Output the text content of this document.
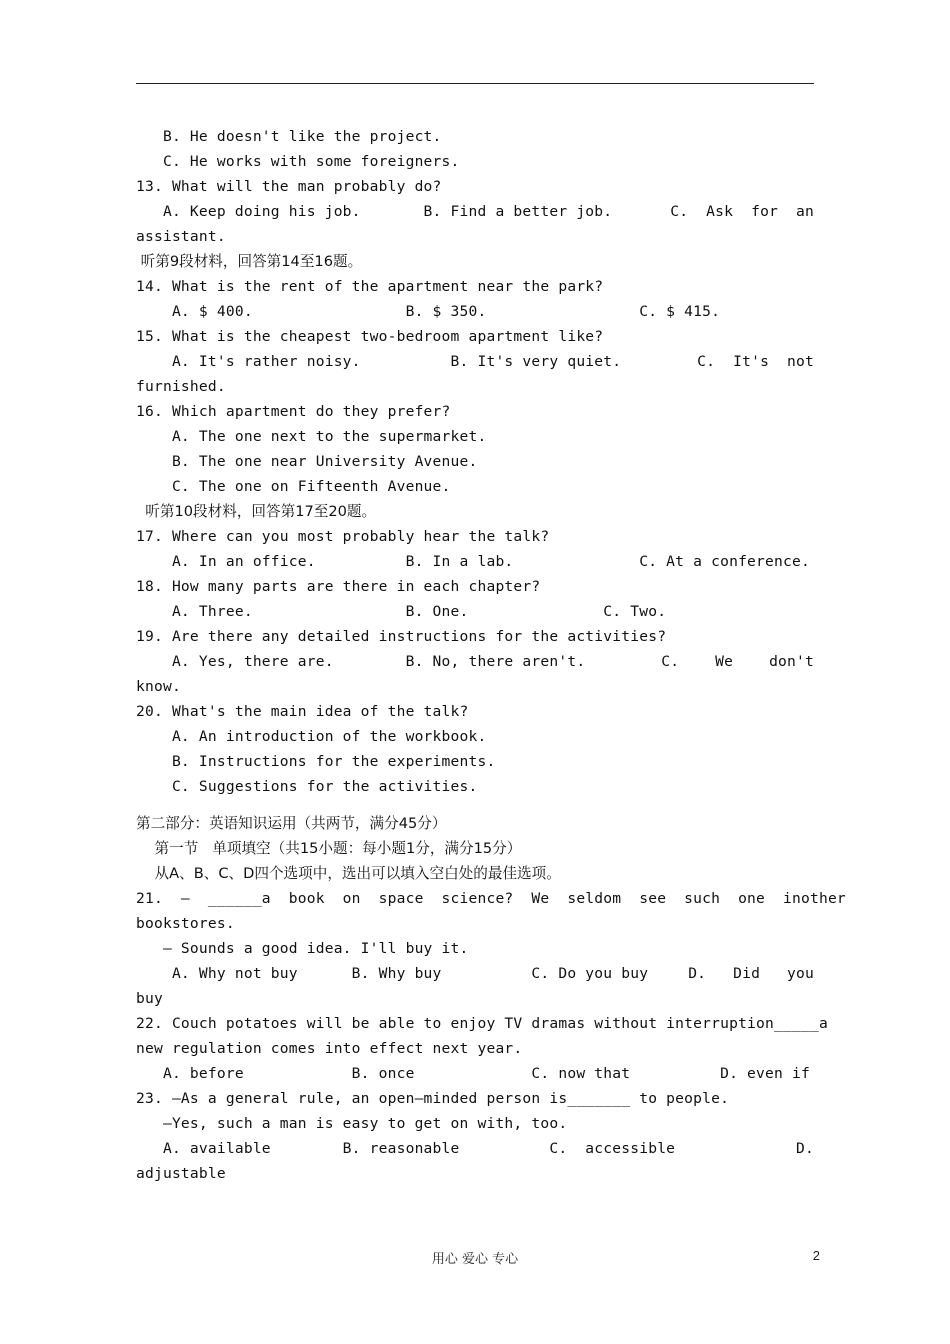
B. He doesn't like the project.
C. He works with some foreigners.
13. What will the man probably do?
A. Keep doing his job.       B. Find a better job.	C.  Ask  for  an
assistant.
听第9段材料，回答第14至16题。
14. What is the rent of the apartment near the park?
A. $ 400.                 B. $ 350.                 C. $ 415.
15. What is the cheapest two-bedroom apartment like?
A. It's rather noisy.          B. It's very quiet.	C.  It's  not
furnished.
16. Which apartment do they prefer?
A. The one next to the supermarket.
B. The one near University Avenue.
C. The one on Fifteenth Avenue.
听第10段材料，回答第17至20题。
17. Where can you most probably hear the talk?
A. In an office.          B. In a lab.              C. At a conference.
18. How many parts are there in each chapter?
A. Three.                 B. One.               C. Two.
19. Are there any detailed instructions for the activities?
A. Yes, there are.        B. No, there aren't.	C.    We    don't
know.
20. What's the main idea of the talk?
A. An introduction of the workbook.
B. Instructions for the experiments.
C. Suggestions for the activities.
第二部分：英语知识运用（共两节，满分45分）
第一节   单项填空（共15小题：每小题1分，满分15分）
从A、B、C、D四个选项中，选出可以填入空白处的最佳选项。
21.  —  ______a  book  on  space  science?  We  seldom  see  such  one  in other
bookstores.
— Sounds a good idea. I'll buy it.
A. Why not buy      B. Why buy          C. Do you buy	D.   Did   you
buy
22. Couch potatoes will be able to enjoy TV dramas without interruption_____ a
new regulation comes into effect next year.
A. before            B. once             C. now that          D. even if
23. —As a general rule, an open—minded person is_______ to people.
—Yes, such a man is easy to get on with, too.
A. available        B. reasonable          C.  accessible	D.
adjustable
用心 爱心 专心	2
